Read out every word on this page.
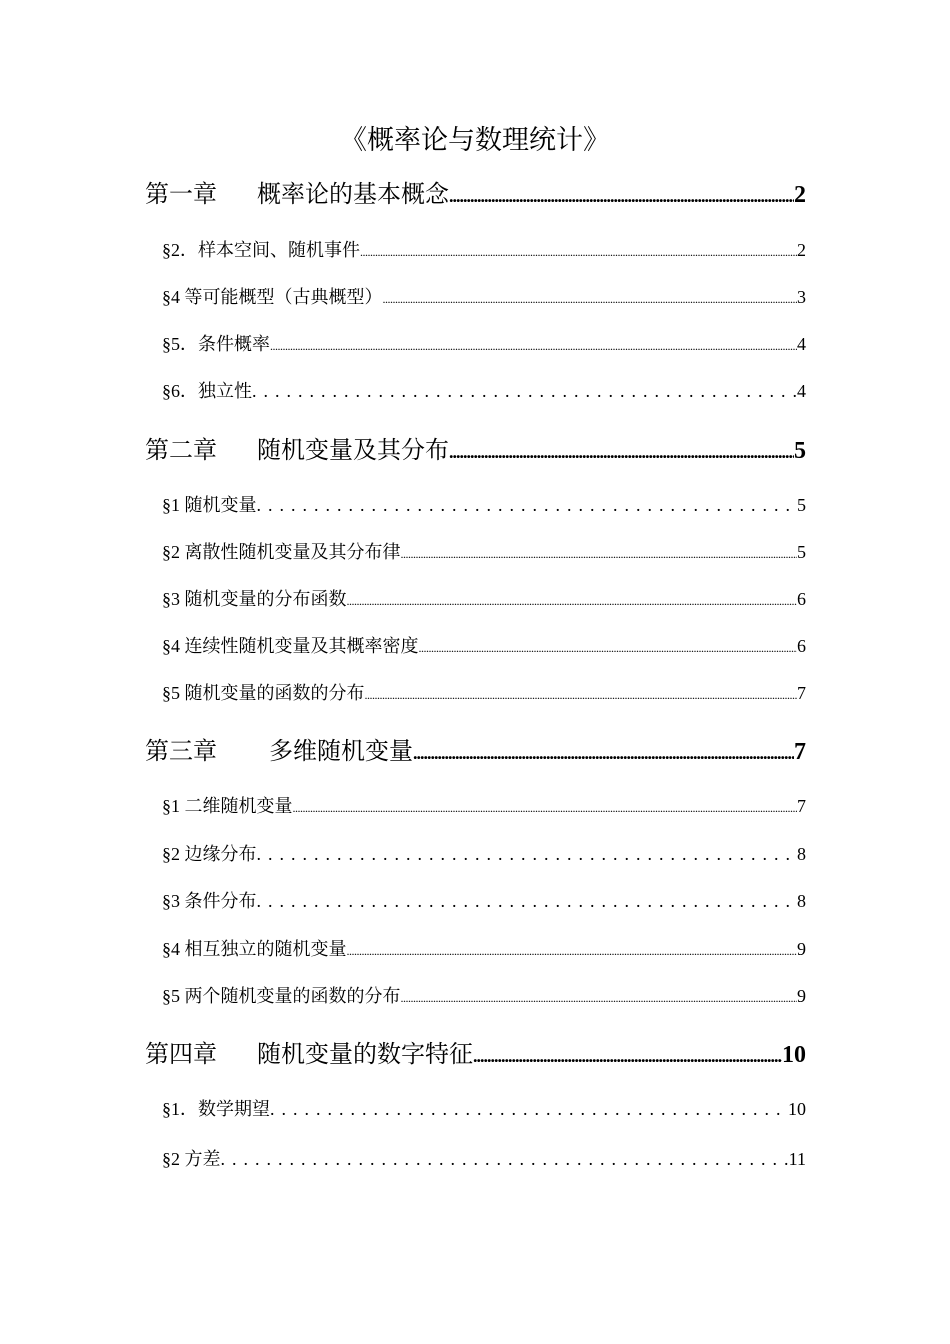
《概率论与数理统计》
第一章 概率论的基本概念 .....	2
§2．样本空间、随机事件 .....	2
§4 等可能概型（古典概型） .....	3
§5．条件概率 .....	4
§6．独立性 .....	4
第二章 随机变量及其分布 .....	5
§1 随机变量 .....	5
§2 离散性随机变量及其分布律 .....	5
§3 随机变量的分布函数 .....	6
§4 连续性随机变量及其概率密度 .....	6
§5 随机变量的函数的分布 .....	7
第三章 多维随机变量 .....	7
§1 二维随机变量 .....	7
§2 边缘分布 .....	8
§3 条件分布 .....	8
§4 相互独立的随机变量 .....	9
§5 两个随机变量的函数的分布 .....	9
第四章 随机变量的数字特征 .....	10
§1．数学期望 .....	10
§2 方差 .....	11
